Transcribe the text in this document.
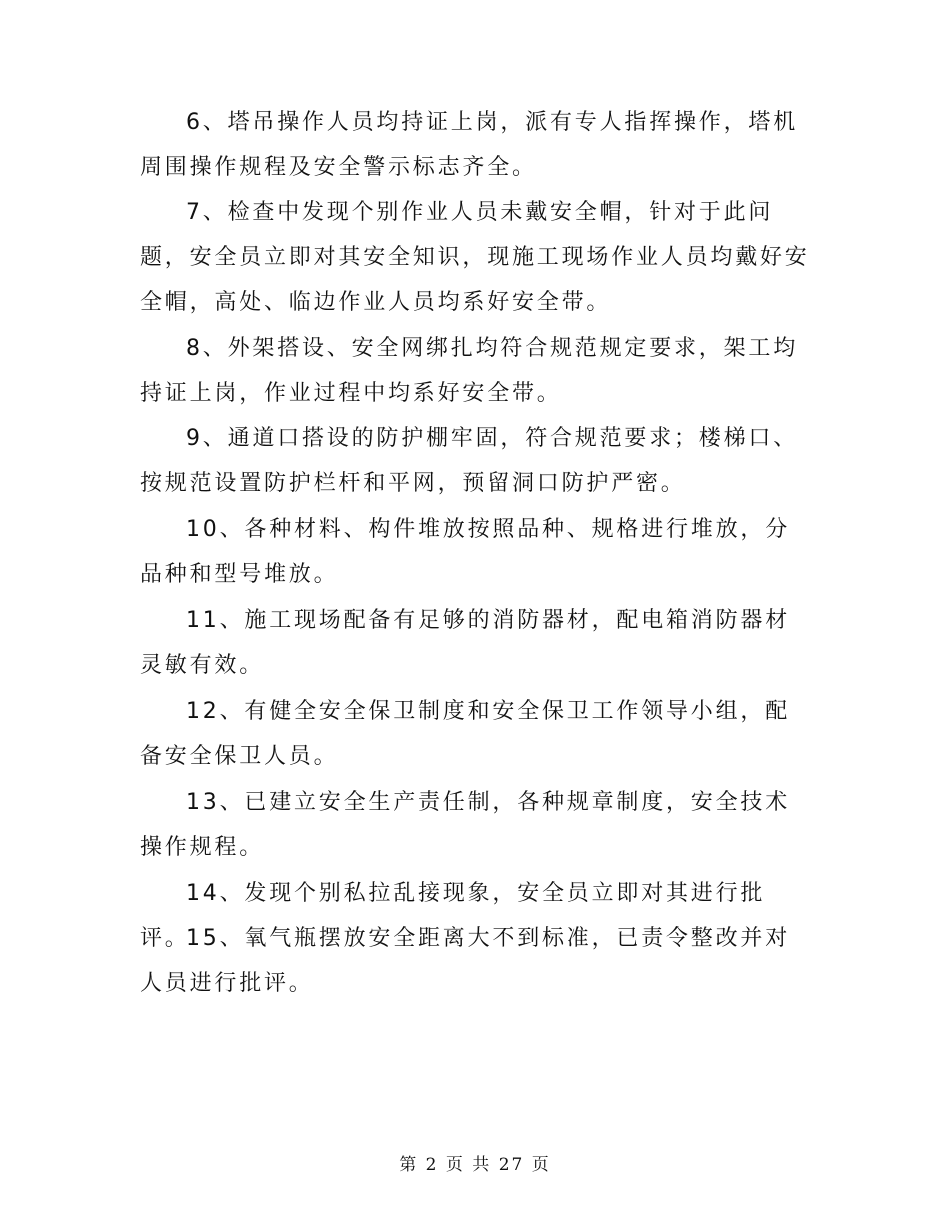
6、塔吊操作人员均持证上岗，派有专人指挥操作，塔机周围操作规程及安全警示标志齐全。

7、检查中发现个别作业人员未戴安全帽，针对于此问题，安全员立即对其安全知识，现施工现场作业人员均戴好安全帽，高处、临边作业人员均系好安全带。

8、外架搭设、安全网绑扎均符合规范规定要求，架工均持证上岗，作业过程中均系好安全带。

9、通道口搭设的防护棚牢固，符合规范要求；楼梯口、按规范设置防护栏杆和平网，预留洞口防护严密。

10、各种材料、构件堆放按照品种、规格进行堆放，分品种和型号堆放。

11、施工现场配备有足够的消防器材，配电箱消防器材灵敏有效。

12、有健全安全保卫制度和安全保卫工作领导小组，配备安全保卫人员。

13、已建立安全生产责任制，各种规章制度，安全技术操作规程。

14、发现个别私拉乱接现象，安全员立即对其进行批评。

15、氧气瓶摆放安全距离大不到标准，已责令整改并对人员进行批评。

第 2 页 共 27 页
